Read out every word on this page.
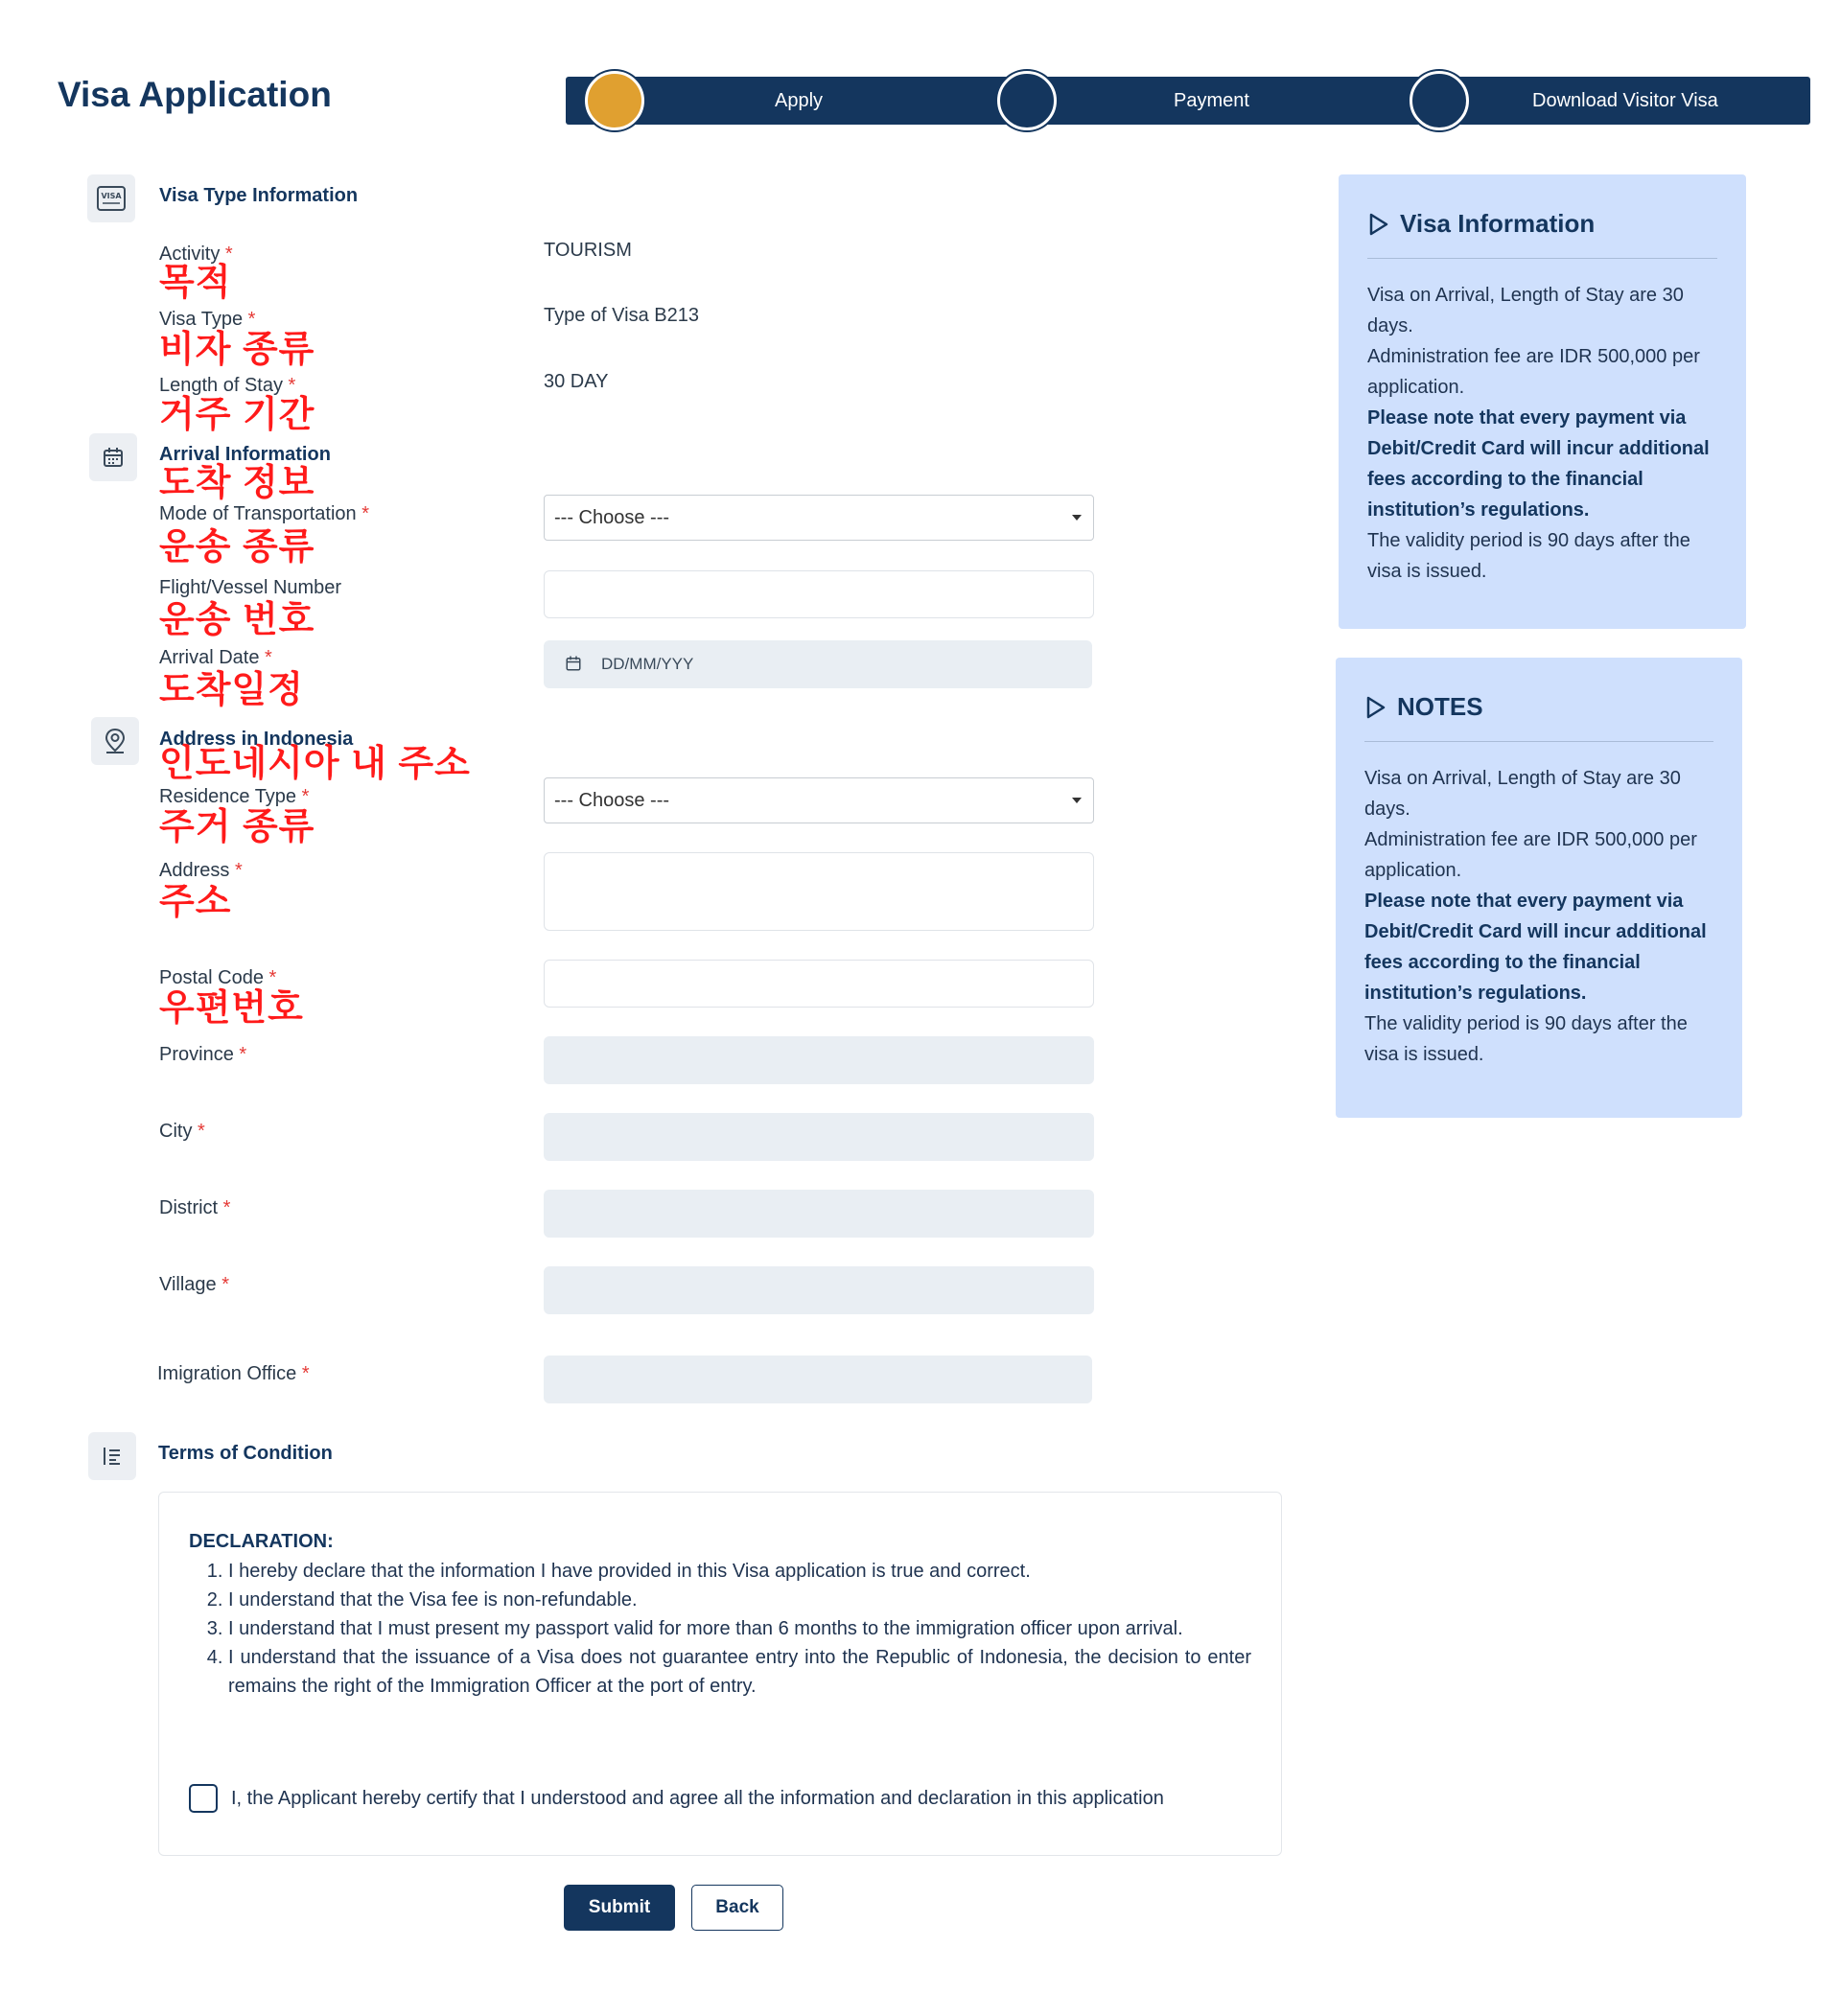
Visa Application	Apply	Payment	Download Visitor Visa
VISA Visa Type Information
Activity *
목적
TOURISM
Visa Type *
비자 종류
Type of Visa B213
Length of Stay *
거주 기간
30 DAY
Arrival Information
도착 정보
Mode of Transportation *
운송 종류
--- Choose ---
Flight/Vessel Number
운송 번호
Arrival Date *
도착일정
DD/MM/YYY
Address in Indonesia
인도네시아 내 주소
Residence Type *
주거 종류
--- Choose ---
Address *
주소
Postal Code *
우편번호
Province *
City *
District *
Village *
Imigration Office *
Terms of Condition
DECLARATION:
1. I hereby declare that the information I have provided in this Visa application is true and correct.
2. I understand that the Visa fee is non-refundable.
3. I understand that I must present my passport valid for more than 6 months to the immigration officer upon arrival.
4. I understand that the issuance of a Visa does not guarantee entry into the Republic of Indonesia, the decision to enter remains the right of the Immigration Officer at the port of entry.
I, the Applicant hereby certify that I understood and agree all the information and declaration in this application
Submit	Back
Visa Information
Visa on Arrival, Length of Stay are 30 days.
Administration fee are IDR 500,000 per application.
Please note that every payment via Debit/Credit Card will incur additional fees according to the financial institution’s regulations.
The validity period is 90 days after the visa is issued.
NOTES
Visa on Arrival, Length of Stay are 30 days.
Administration fee are IDR 500,000 per application.
Please note that every payment via Debit/Credit Card will incur additional fees according to the financial institution’s regulations.
The validity period is 90 days after the visa is issued.
